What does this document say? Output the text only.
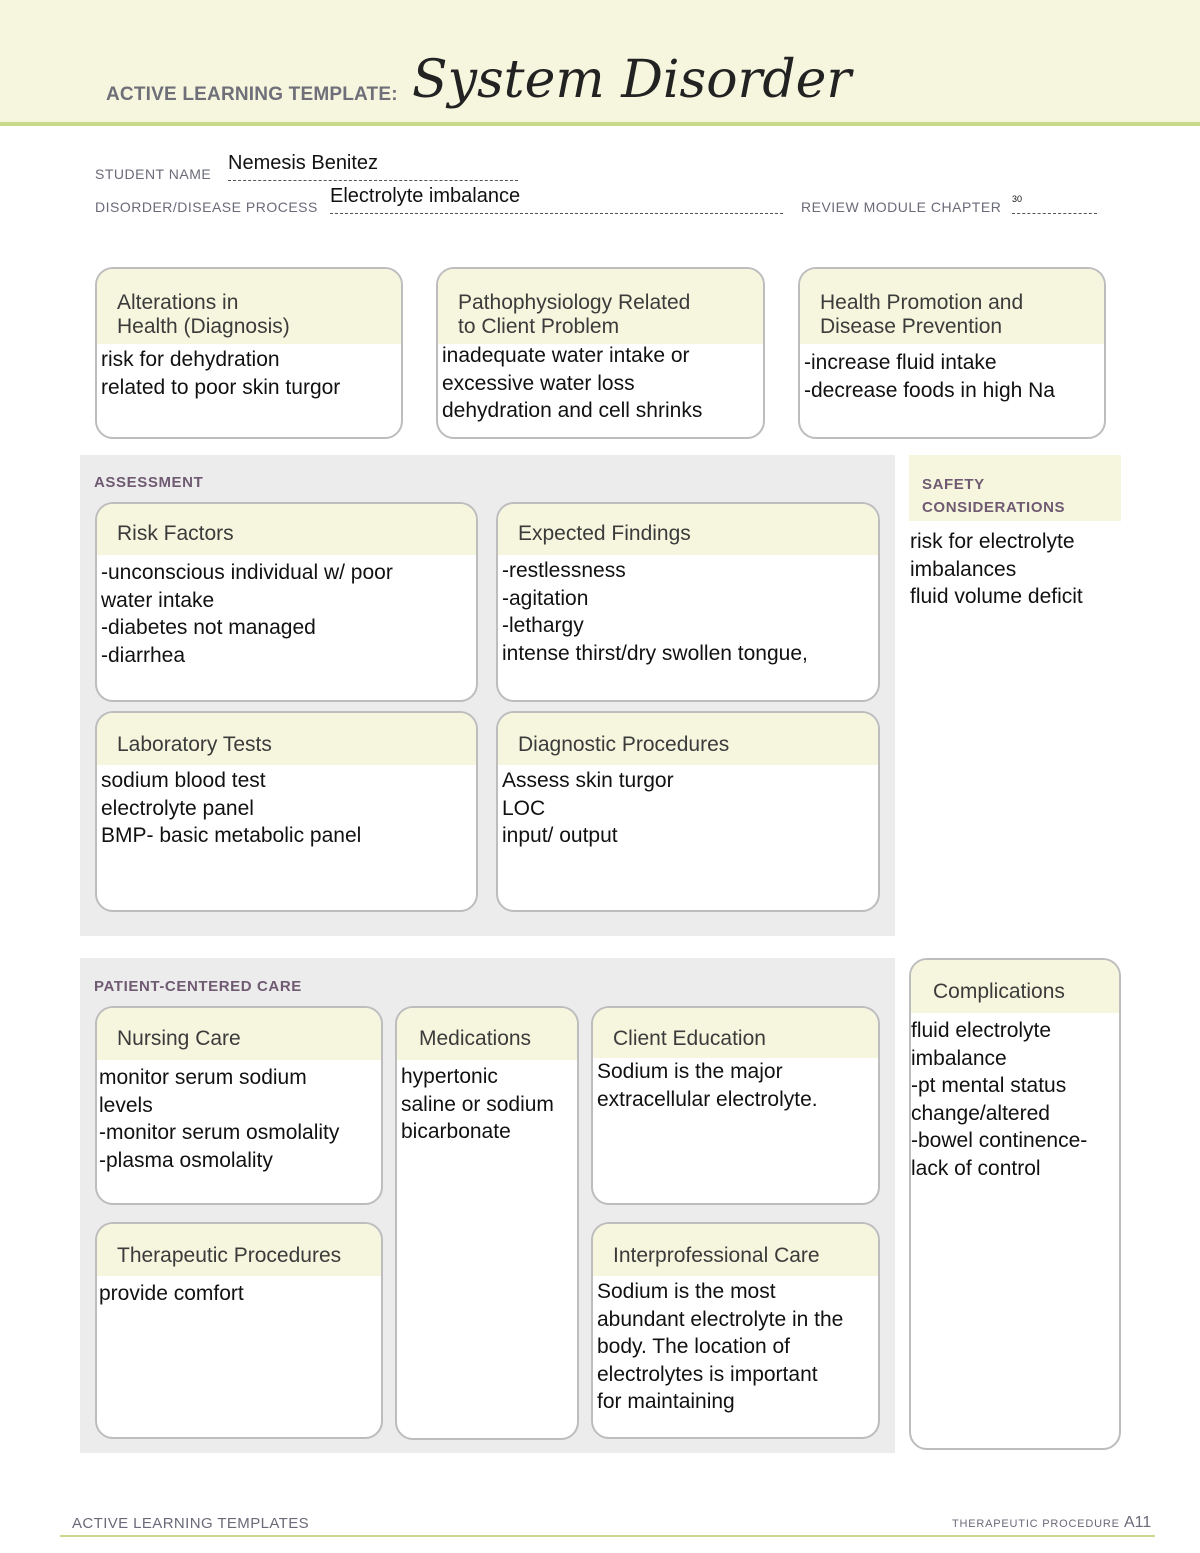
ACTIVE LEARNING TEMPLATE: System Disorder
STUDENT NAME Nemesis Benitez
DISORDER/DISEASE PROCESS Electrolyte imbalance	REVIEW MODULE CHAPTER 30
Alterations in
Health (Diagnosis)
risk for dehydration
related to poor skin turgor
Pathophysiology Related
to Client Problem
inadequate water intake or
excessive water loss
dehydration and cell shrinks
Health Promotion and
Disease Prevention
-increase fluid intake
-decrease foods in high Na
ASSESSMENT
Risk Factors
-unconscious individual w/ poor
water intake
-diabetes not managed
-diarrhea
Expected Findings
-restlessness
-agitation
-lethargy
intense thirst/dry swollen tongue,
Laboratory Tests
sodium blood test
electrolyte panel
BMP- basic metabolic panel
Diagnostic Procedures
Assess skin turgor
LOC
input/ output
SAFETY
CONSIDERATIONS
risk for electrolyte
imbalances
fluid volume deficit
PATIENT-CENTERED CARE
Nursing Care
monitor serum sodium
levels
-monitor serum osmolality
-plasma osmolality
Medications
hypertonic
saline or sodium
bicarbonate
Client Education
Sodium is the major
extracellular electrolyte.
Therapeutic Procedures
provide comfort
Interprofessional Care
Sodium is the most
abundant electrolyte in the
body. The location of
electrolytes is important
for maintaining
Complications
fluid electrolyte
imbalance
-pt mental status
change/altered
-bowel continence-
lack of control
ACTIVE LEARNING TEMPLATES	THERAPEUTIC PROCEDURE A11
